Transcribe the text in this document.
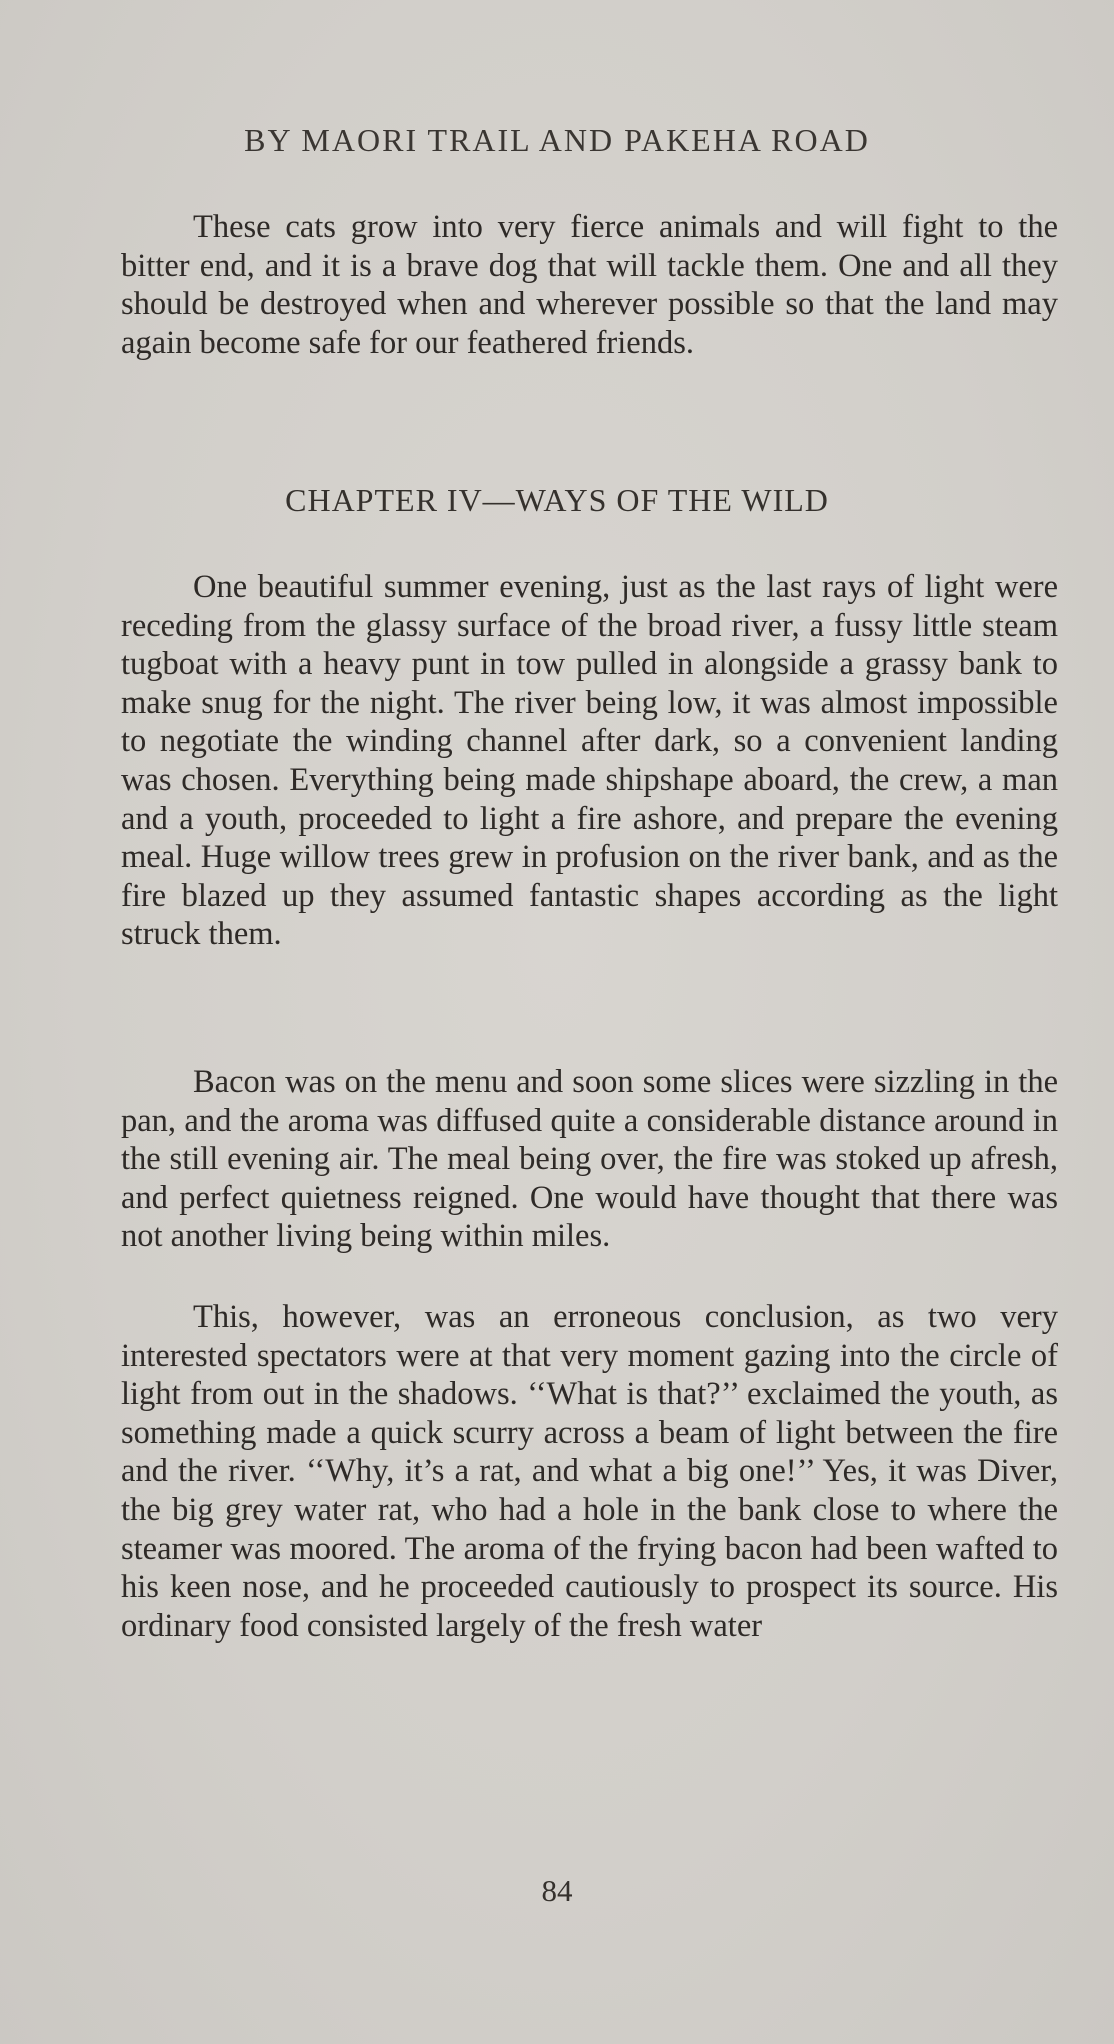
BY MAORI TRAIL AND PAKEHA ROAD

These cats grow into very fierce animals and will fight to the bitter end, and it is a brave dog that will tackle them. One and all they should be destroyed when and wherever possible so that the land may again become safe for our feathered friends.

CHAPTER IV—WAYS OF THE WILD

One beautiful summer evening, just as the last rays of light were receding from the glassy surface of the broad river, a fussy little steam tugboat with a heavy punt in tow pulled in alongside a grassy bank to make snug for the night. The river being low, it was almost impossible to negotiate the winding channel after dark, so a convenient landing was chosen. Everything being made shipshape aboard, the crew, a man and a youth, proceeded to light a fire ashore, and prepare the evening meal. Huge willow trees grew in profusion on the river bank, and as the fire blazed up they assumed fantastic shapes according as the light struck them.

Bacon was on the menu and soon some slices were sizzling in the pan, and the aroma was diffused quite a considerable distance around in the still evening air. The meal being over, the fire was stoked up afresh, and perfect quietness reigned. One would have thought that there was not another living being within miles.

This, however, was an erroneous conclusion, as two very interested spectators were at that very moment gazing into the circle of light from out in the shadows. ‘‘What is that?’’ exclaimed the youth, as something made a quick scurry across a beam of light between the fire and the river. ‘‘Why, it’s a rat, and what a big one!’’ Yes, it was Diver, the big grey water rat, who had a hole in the bank close to where the steamer was moored. The aroma of the frying bacon had been wafted to his keen nose, and he proceeded cautiously to prospect its source. His ordinary food consisted largely of the fresh water

84
